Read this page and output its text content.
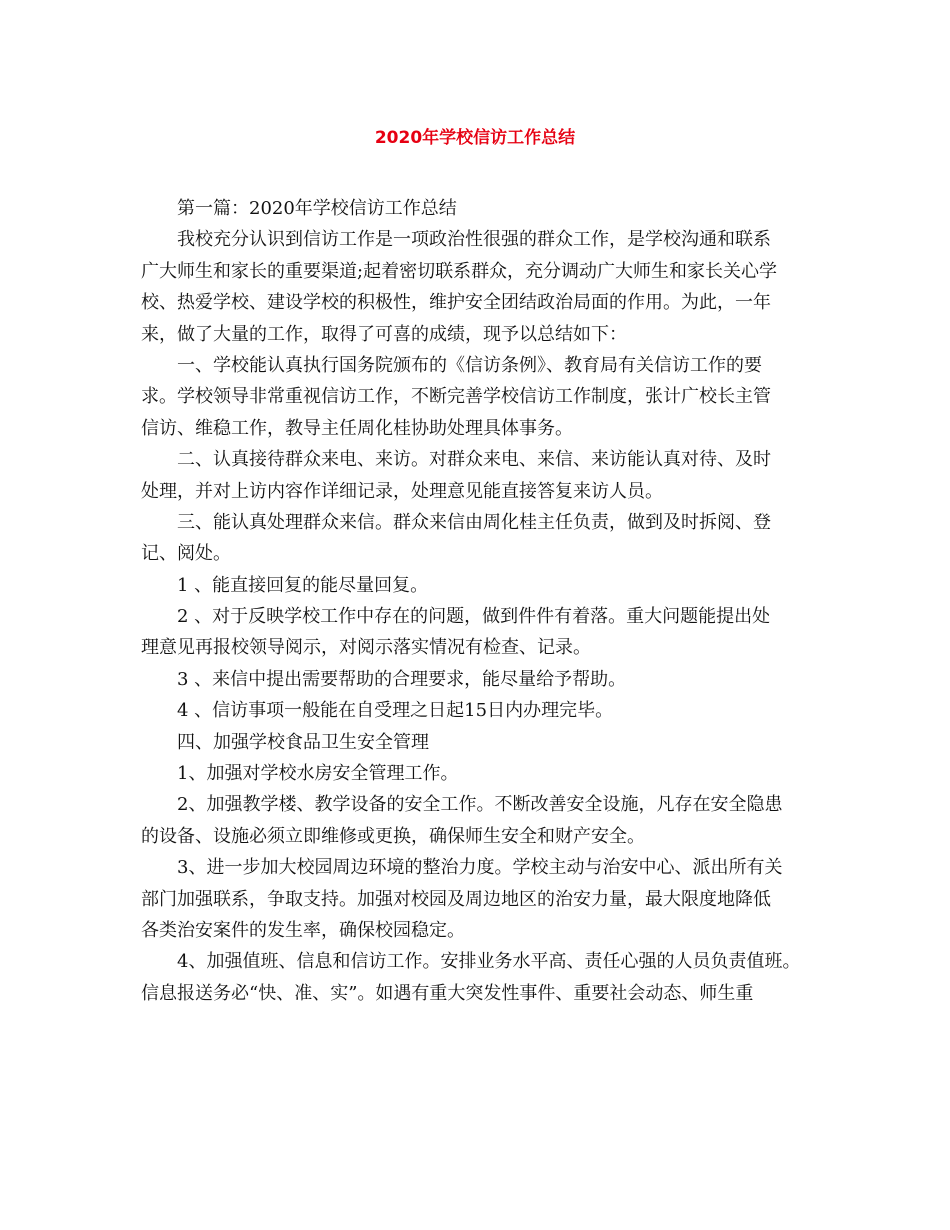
2020年学校信访工作总结

第一篇：2020年学校信访工作总结

我校充分认识到信访工作是一项政治性很强的群众工作，是学校沟通和联系

广大师生和家长的重要渠道;起着密切联系群众，充分调动广大师生和家长关心学

校、热爱学校、建设学校的积极性，维护安全团结政治局面的作用。为此，一年

来，做了大量的工作，取得了可喜的成绩，现予以总结如下：

一、学校能认真执行国务院颁布的《信访条例》、教育局有关信访工作的要

求。学校领导非常重视信访工作，不断完善学校信访工作制度，张计广校长主管

信访、维稳工作，教导主任周化桂协助处理具体事务。

二、认真接待群众来电、来访。对群众来电、来信、来访能认真对待、及时

处理，并对上访内容作详细记录，处理意见能直接答复来访人员。

三、能认真处理群众来信。群众来信由周化桂主任负责，做到及时拆阅、登

记、阅处。

1 、能直接回复的能尽量回复。

2 、对于反映学校工作中存在的问题，做到件件有着落。重大问题能提出处

理意见再报校领导阅示，对阅示落实情况有检查、记录。

3 、来信中提出需要帮助的合理要求，能尽量给予帮助。

4 、信访事项一般能在自受理之日起15日内办理完毕。

四、加强学校食品卫生安全管理

1、加强对学校水房安全管理工作。

2、加强教学楼、教学设备的安全工作。不断改善安全设施，凡存在安全隐患

的设备、设施必须立即维修或更换，确保师生安全和财产安全。

3、进一步加大校园周边环境的整治力度。学校主动与治安中心、派出所有关

部门加强联系，争取支持。加强对校园及周边地区的治安力量，最大限度地降低

各类治安案件的发生率，确保校园稳定。

4、加强值班、信息和信访工作。安排业务水平高、责任心强的人员负责值班。

信息报送务必“快、准、实”。如遇有重大突发性事件、重要社会动态、师生重
